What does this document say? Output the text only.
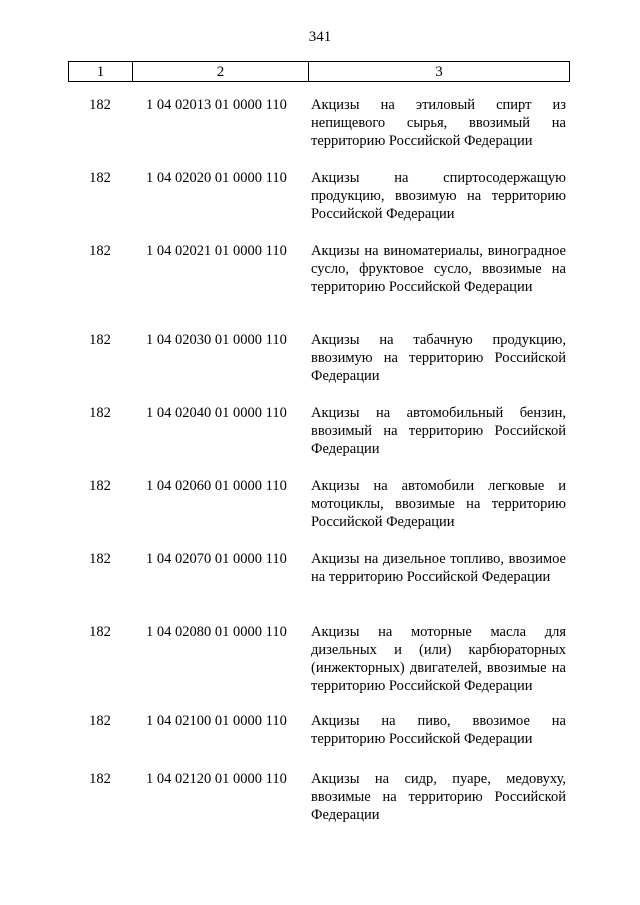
341
1	2	3
182	1 04 02013 01 0000 110 Акцизы на этиловый спирт из непищевого сырья, ввозимый на территорию Российской Федерации
182	1 04 02020 01 0000 110 Акцизы на спиртосодержащую продукцию, ввозимую на территорию Российской Федерации
182	1 04 02021 01 0000 110 Акцизы на виноматериалы, виноградное сусло, фруктовое сусло, ввозимые на территорию Российской Федерации
182	1 04 02030 01 0000 110 Акцизы на табачную продукцию, ввозимую на территорию Российской Федерации
182	1 04 02040 01 0000 110 Акцизы на автомобильный бензин, ввозимый на территорию Российской Федерации
182	1 04 02060 01 0000 110 Акцизы на автомобили легковые и мотоциклы, ввозимые на территорию Российской Федерации
182	1 04 02070 01 0000 110 Акцизы на дизельное топливо, ввозимое на территорию Российской Федерации
182	1 04 02080 01 0000 110 Акцизы на моторные масла для дизельных и (или) карбюраторных (инжекторных) двигателей, ввозимые на территорию Российской Федерации
182	1 04 02100 01 0000 110 Акцизы на пиво, ввозимое на территорию Российской Федерации
182	1 04 02120 01 0000 110 Акцизы на сидр, пуаре, медовуху, ввозимые на территорию Российской Федерации
